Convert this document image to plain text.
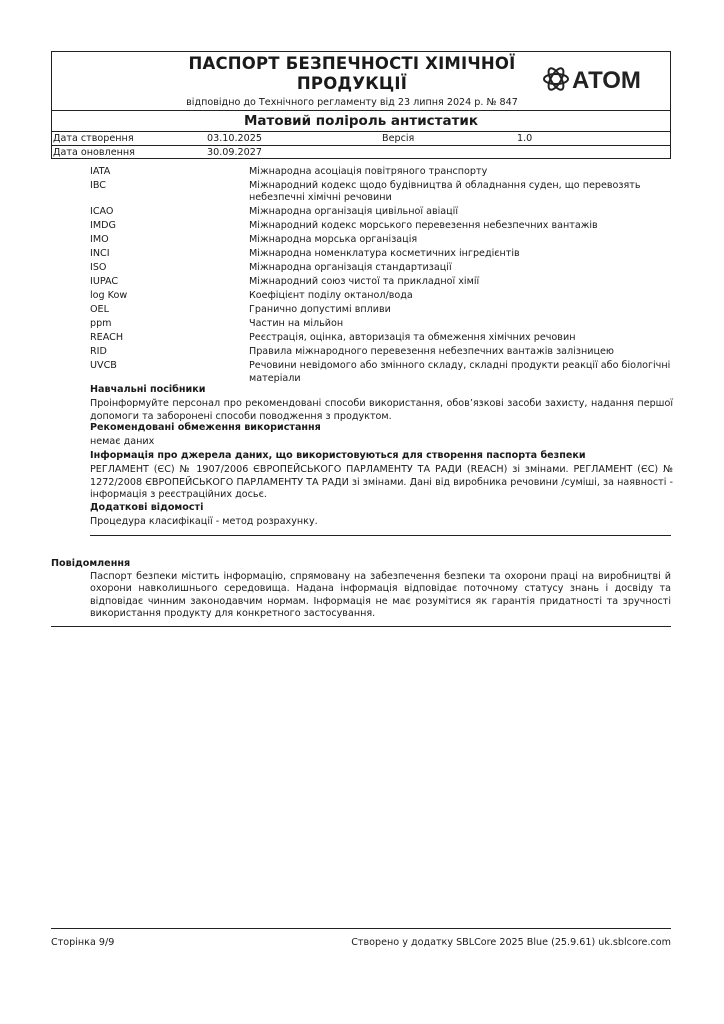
ПАСПОРТ БЕЗПЕЧНОСТІ ХІМІЧНОЇ
ПРОДУКЦІЇ
відповідно до Технічного регламенту від 23 липня 2024 р. № 847
АТОМ
Матовий поліроль антистатик
Дата створення	03.10.2025	Версія	1.0
Дата оновлення	30.09.2027
IATA	Міжнародна асоціація повітряного транспорту
IBC	Міжнародний кодекс щодо будівництва й обладнання суден, що перевозять небезпечні хімічні речовини
ICAO	Міжнародна організація цивільної авіації
IMDG	Міжнародний кодекс морського перевезення небезпечних вантажів
IMO	Міжнародна морська організація
INCI	Міжнародна номенклатура косметичних інгредієнтів
ISO	Міжнародна організація стандартизації
IUPAC	Міжнародний союз чистої та прикладної хімії
log Kow	Коефіцієнт поділу октанол/вода
OEL	Гранично допустимі впливи
ppm	Частин на мільйон
REACH	Реєстрація, оцінка, авторизація та обмеження хімічних речовин
RID	Правила міжнародного перевезення небезпечних вантажів залізницею
UVCB	Речовини невідомого або змінного складу, складні продукти реакції або біологічні матеріали
Навчальні посібники
Проінформуйте персонал про рекомендовані способи використання, обов’язкові засоби захисту, надання першої допомоги та заборонені способи поводження з продуктом.
Рекомендовані обмеження використання
немає даних
Інформація про джерела даних, що використовуються для створення паспорта безпеки
РЕГЛАМЕНТ (ЄС) № 1907/2006 ЄВРОПЕЙСЬКОГО ПАРЛАМЕНТУ ТА РАДИ (REACH) зі змінами. РЕГЛАМЕНТ (ЄС) № 1272/2008 ЄВРОПЕЙСЬКОГО ПАРЛАМЕНТУ ТА РАДИ зі змінами. Дані від виробника речовини /суміші, за наявності - інформація з реєстраційних досьє.
Додаткові відомості
Процедура класифікації - метод розрахунку.
Повідомлення
Паспорт безпеки містить інформацію, спрямовану на забезпечення безпеки та охорони праці на виробництві й охорони навколишнього середовища. Надана інформація відповідає поточному статусу знань і досвіду та відповідає чинним законодавчим нормам. Інформація не має розумітися як гарантія придатності та зручності використання продукту для конкретного застосування.
Сторінка 9/9	Створено у додатку SBLCore 2025 Blue (25.9.61) uk.sblcore.com
